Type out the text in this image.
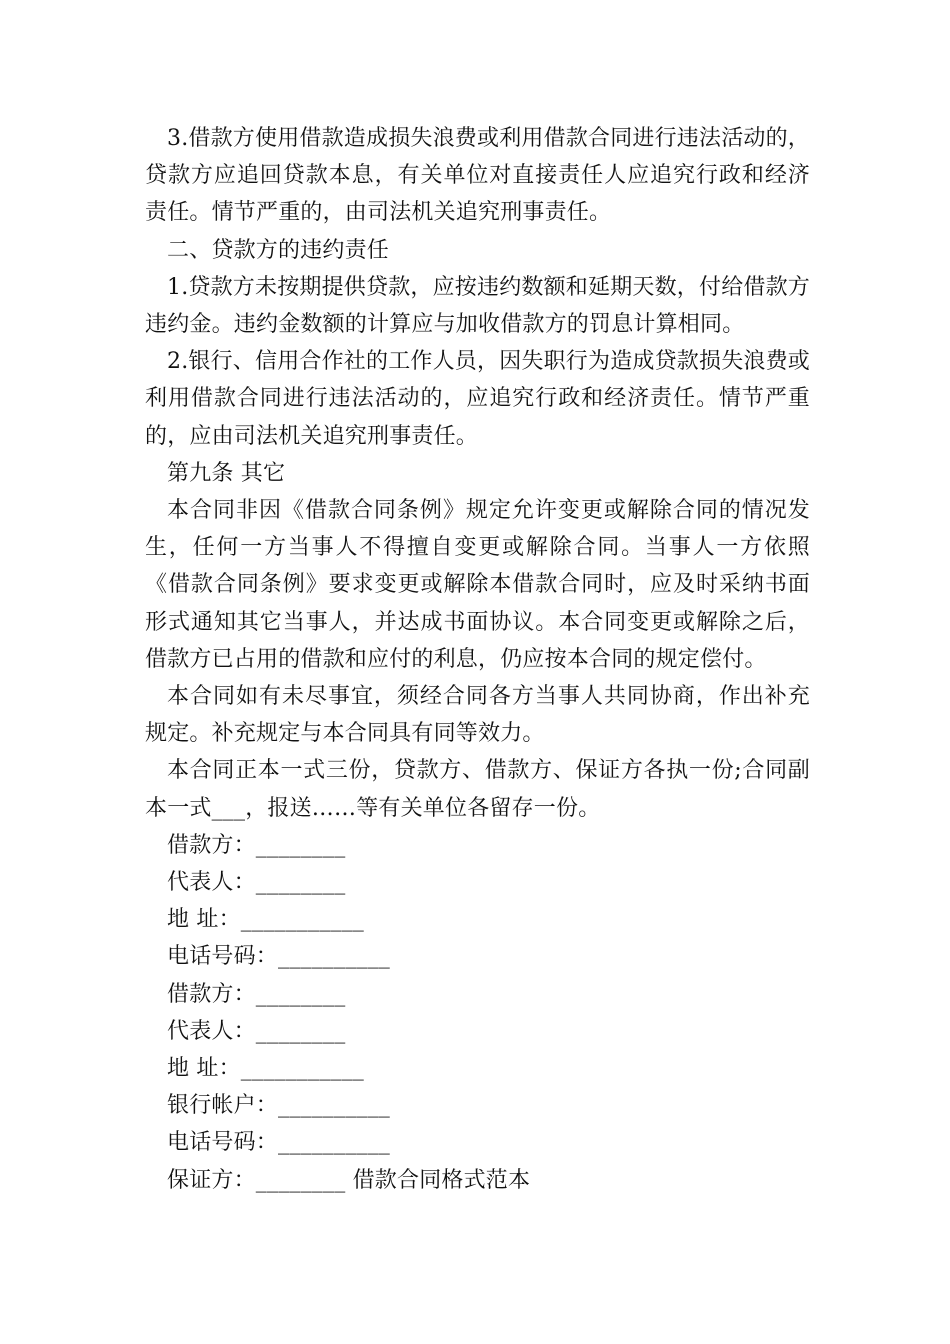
3.借款方使用借款造成损失浪费或利用借款合同进行违法活动的，贷款方应追回贷款本息，有关单位对直接责任人应追究行政和经济责任。情节严重的，由司法机关追究刑事责任。

二、贷款方的违约责任

1.贷款方未按期提供贷款，应按违约数额和延期天数，付给借款方违约金。违约金数额的计算应与加收借款方的罚息计算相同。

2.银行、信用合作社的工作人员，因失职行为造成贷款损失浪费或利用借款合同进行违法活动的，应追究行政和经济责任。情节严重的，应由司法机关追究刑事责任。

第九条 其它

本合同非因《借款合同条例》规定允许变更或解除合同的情况发生，任何一方当事人不得擅自变更或解除合同。当事人一方依照《借款合同条例》要求变更或解除本借款合同时，应及时采纳书面形式通知其它当事人，并达成书面协议。本合同变更或解除之后，借款方已占用的借款和应付的利息，仍应按本合同的规定偿付。

本合同如有未尽事宜，须经合同各方当事人共同协商，作出补充规定。补充规定与本合同具有同等效力。

本合同正本一式三份，贷款方、借款方、保证方各执一份;合同副本一式___，报送……等有关单位各留存一份。

借款方：________

代表人：________

地 址：___________

电话号码：__________

借款方：________

代表人：________

地 址：___________

银行帐户：__________

电话号码：__________

保证方：________ 借款合同格式范本
